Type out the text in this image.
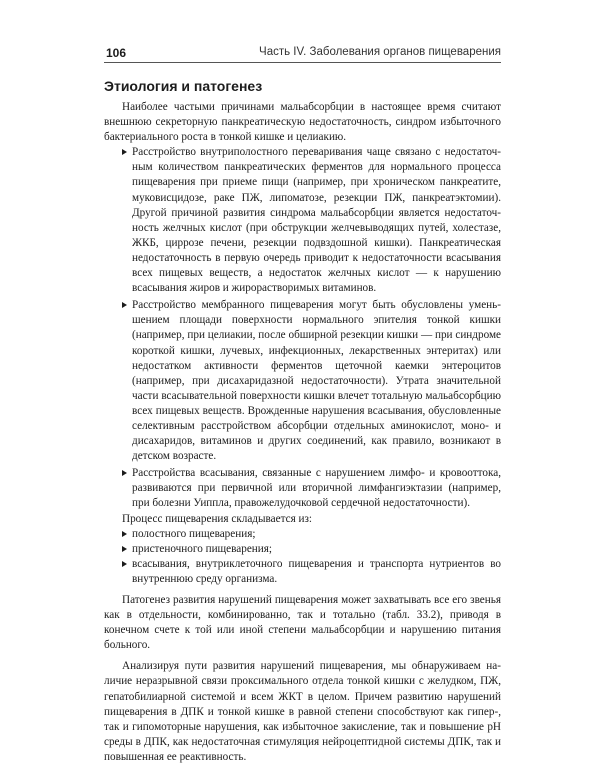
106	Часть IV. Заболевания органов пищеварения
Этиология и патогенез

Наиболее частыми причинами мальабсорбции в настоящее время считают внешнюю секреторную панкреатическую недостаточность, синдром избыточного бактериального роста в тонкой кишке и целиакию.

Расстройство внутриполостного переваривания чаще связано с недостаточным количеством панкреатических ферментов для нормального процесса пищеварения при приеме пищи (например, при хроническом панкреатите, муковисцидозе, раке ПЖ, липоматозе, резекции ПЖ, панкреатэктомии). Другой причиной развития синдрома мальабсорбции является недостаточность желчных кислот (при обструкции желчевыводящих путей, холестазе, ЖКБ, циррозе печени, резекции подвздошной кишки). Панкреатическая недостаточность в первую очередь приводит к недостаточности всасывания всех пищевых веществ, а недостаток желчных кислот — к нарушению всасывания жиров и жирорастворимых витаминов.
Расстройство мембранного пищеварения могут быть обусловлены уменьшением площади поверхности нормального эпителия тонкой кишки (например, при целиакии, после обширной резекции кишки — при синдроме короткой кишки, лучевых, инфекционных, лекарственных энтеритах) или недостатком активности ферментов щеточной каемки энтероцитов (например, при дисахаридазной недостаточности). Утрата значительной части всасывательной поверхности кишки влечет тотальную мальабсорбцию всех пищевых веществ. Врожденные нарушения всасывания, обусловленные селективным расстройством абсорбции отдельных аминокислот, моно- и дисахаридов, витаминов и других соединений, как правило, возникают в детском возрасте.
Расстройства всасывания, связанные с нарушением лимфо- и кровооттока, развиваются при первичной или вторичной лимфангиэктазии (например, при болезни Уиппла, правожелудочковой сердечной недостаточности).

Процесс пищеварения складывается из:

полостного пищеварения;
пристеночного пищеварения;
всасывания, внутриклеточного пищеварения и транспорта нутриентов во внутреннюю среду организма.

Патогенез развития нарушений пищеварения может захватывать все его звенья как в отдельности, комбинированно, так и тотально (табл. 33.2), приводя в конечном счете к той или иной степени мальабсорбции и нарушению питания больного.

Анализируя пути развития нарушений пищеварения, мы обнаруживаем наличие неразрывной связи проксимального отдела тонкой кишки с желудком, ПЖ, гепатобилиарной системой и всем ЖКТ в целом. Причем развитию нарушений пищеварения в ДПК и тонкой кишке в равной степени способствуют как гипер-, так и гипомоторные нарушения, как избыточное закисление, так и повышение pH среды в ДПК, как недостаточная стимуляция нейроцептидной системы ДПК, так и повышенная ее реактивность.
